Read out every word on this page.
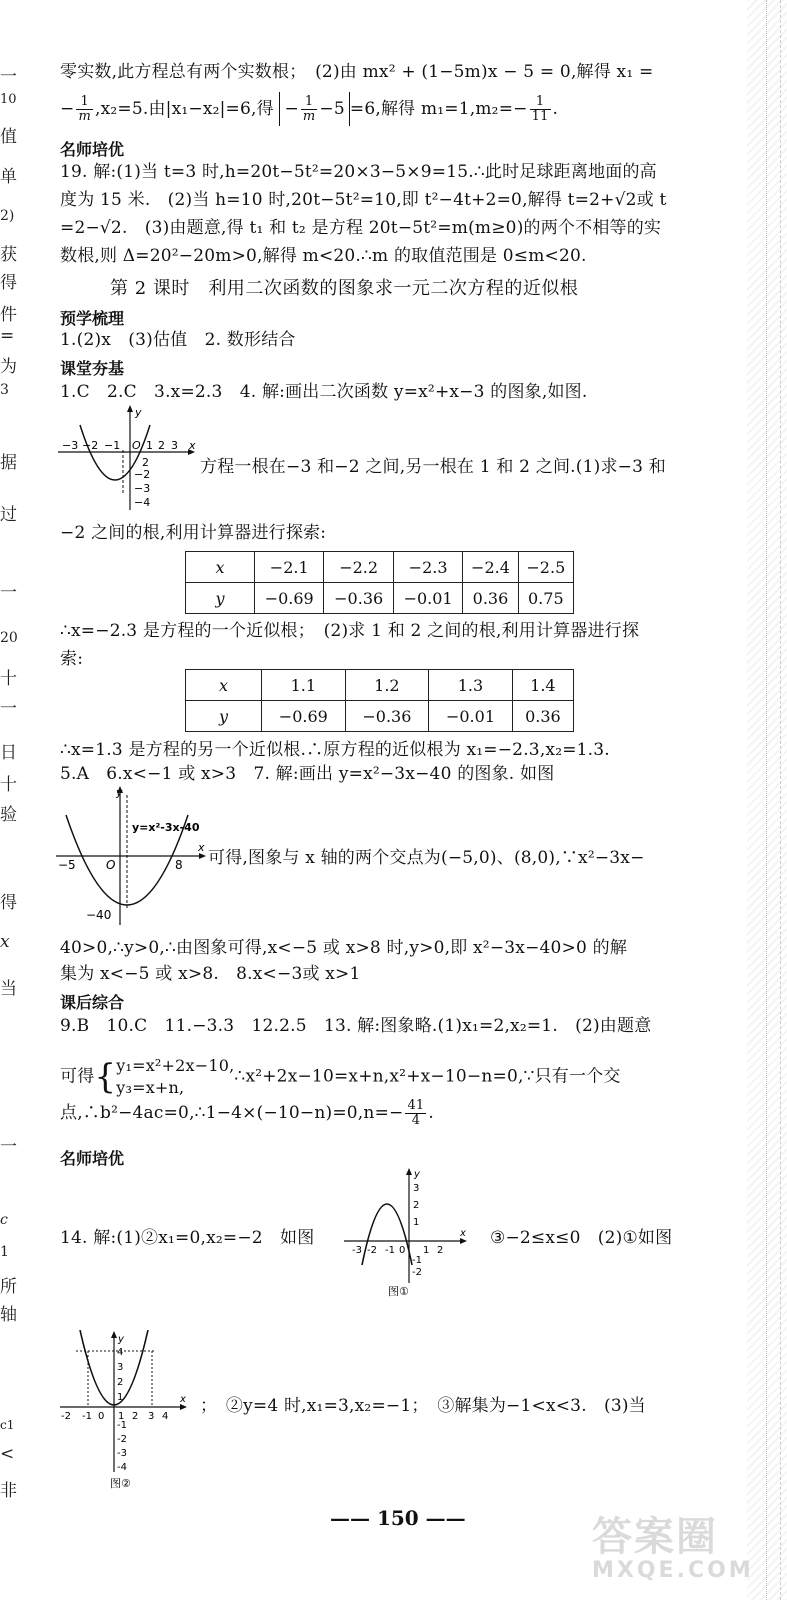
一
10
值
单
2)
获
得
件
=
为
3
据
过
一
20
十
一
日
十
验
得
x
当
一
c
1
所
轴
c1
<
非
零实数,此方程总有两个实数根；　(2)由 mx² + (1−5m)x − 5 = 0,解得 x₁ =
− $\frac{1}{m} ,x_2=5$.由|x₁−x₂|=6,得 − $\frac{1}{m} -5 =6$,解得 $m_1=1,m_2=- \frac{1}{11}$ .
名师培优
19. 解:(1)当 t=3 时,h=20t−5t²=20×3−5×9=15.∴此时足球距离地面的高
度为 15 米.　(2)当 h=10 时,20t−5t²=10,即 t²−4t+2=0,解得 t=2+√2或 t
=2−√2.　(3)由题意,得 t₁ 和 t₂ 是方程 20t−5t²=m(m≥0)的两个不相等的实
数根,则 Δ=20²−20m>0,解得 m<20.∴m 的取值范围是 0≤m<20.
第 2 课时　利用二次函数的图象求一元二次方程的近似根
预学梳理
1.(2)x　(3)估值　2. 数形结合
课堂夯基
1.C　2.C　3.x=2.3　4. 解:画出二次函数 y=x²+x−3 的图象,如图.
y
x
−3 −2 −1 O 1 2 3
2
−2
−3
−4
方程一根在−3 和−2 之间,另一根在 1 和 2 之间.(1)求−3 和
−2 之间的根,利用计算器进行探索:
x	−2.1	−2.2	−2.3	−2.4	−2.5
y	−0.69	−0.36	−0.01	0.36	0.75
∴x=−2.3 是方程的一个近似根；　(2)求 1 和 2 之间的根,利用计算器进行探
索:
x	1.1	1.2	1.3	1.4
y	−0.69	−0.36	−0.01	0.36
∴x=1.3 是方程的另一个近似根.∴原方程的近似根为 x₁=−2.3,x₂=1.3.
5.A　6.x<−1 或 x>3　7. 解:画出 y=x²−3x−40 的图象. 如图
y
x
y=x²-3x-40
−5	O	8
−40
可得,图象与 x 轴的两个交点为(−5,0)、(8,0),∵x²−3x−
40>0,∴y>0,∴由图象可得,x<−5 或 x>8 时,y>0,即 x²−3x−40>0 的解
集为 x<−5 或 x>8.　8.x<−3或 x>1
课后综合
9.B　10.C　11.−3.3　12.2.5　13. 解:图象略.(1)x₁=2,x₂=1.　(2)由题意
可得{ y₁=x²+2x−10,
y₃=x+n,
∴x²+2x−10=x+n,x²+x−10−n=0,∵只有一个交
点,∴b²−4ac=0,∴1−4×(−10−n)=0,n=− $\frac{41}{4}$ .
名师培优
14. 解:(1)②x₁=0,x₂=−2　如图
y
x
-3 -2 -1 0 1 2
3
2
1
-1
-2
图①
③−2≤x≤0　(2)①如图
y
x
-2 -1 0 1 2 3 4
4
3
2
1
-1
-2
-3
-4
图②
；　②y=4 时,x₁=3,x₂=−1；　③解集为−1<x<3.　(3)当
—— 150 ——	答案圈
MXQE.COM
